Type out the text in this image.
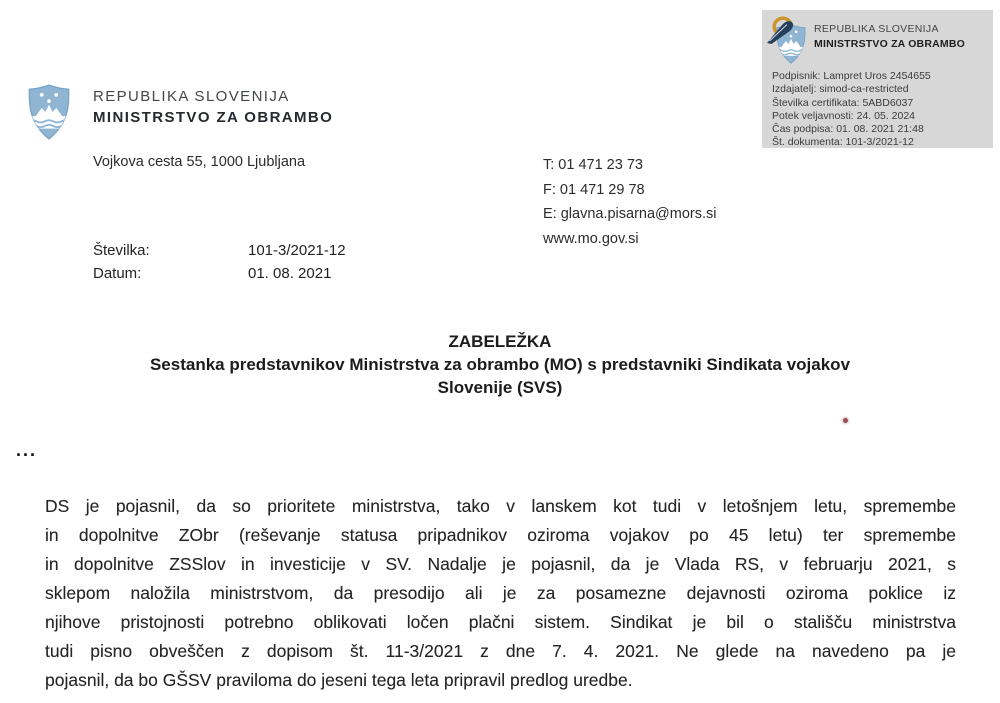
REPUBLIKA SLOVENIJA
MINISTRSTVO ZA OBRAMBO
Podpisnik: Lampret Uros 2454655
Izdajatelj: simod-ca-restricted
Številka certifikata: 5ABD6037
Potek veljavnosti: 24. 05. 2024
Čas podpisa: 01. 08. 2021 21:48
Št. dokumenta: 101-3/2021-12
REPUBLIKA SLOVENIJA
MINISTRSTVO ZA OBRAMBO
Vojkova cesta 55, 1000 Ljubljana	T: 01 471 23 73
F: 01 471 29 78
E: glavna.pisarna@mors.si
www.mo.gov.si
Številka:	101-3/2021-12
Datum:	01. 08. 2021
ZABELEŽKA
Sestanka predstavnikov Ministrstva za obrambo (MO) s predstavniki Sindikata vojakov
Slovenije (SVS)
...
DS je pojasnil, da so prioritete ministrstva, tako v lanskem kot tudi v letošnjem letu, spremembe
in dopolnitve ZObr (reševanje statusa pripadnikov oziroma vojakov po 45 letu) ter spremembe
in dopolnitve ZSSlov in investicije v SV. Nadalje je pojasnil, da je Vlada RS, v februarju 2021, s
sklepom naložila ministrstvom, da presodijo ali je za posamezne dejavnosti oziroma poklice iz
njihove pristojnosti potrebno oblikovati ločen plačni sistem. Sindikat je bil o stališču ministrstva
tudi pisno obveščen z dopisom št. 11-3/2021 z dne 7. 4. 2021. Ne glede na navedeno pa je
pojasnil, da bo GŠSV praviloma do jeseni tega leta pripravil predlog uredbe.
